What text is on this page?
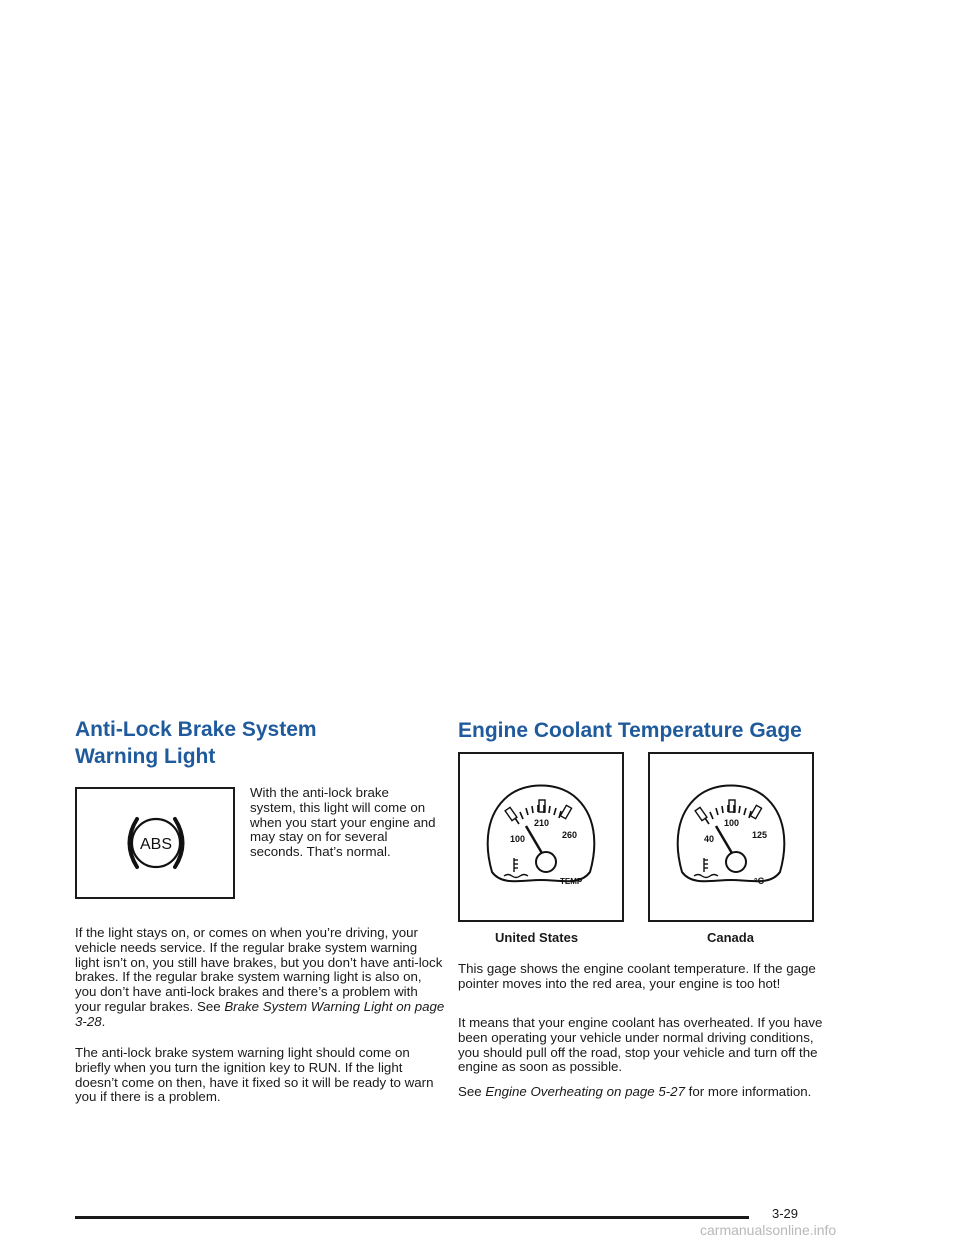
Anti-Lock Brake System
Warning Light
ABS

With the anti-lock brake system, this light will come on when you start your engine and may stay on for several seconds. That’s normal.

If the light stays on, or comes on when you’re driving, your vehicle needs service. If the regular brake system warning light isn’t on, you still have brakes, but you don’t have anti-lock brakes. If the regular brake system warning light is also on, you don’t have anti-lock brakes and there’s a problem with your regular brakes. See Brake System Warning Light on page 3-28.

The anti-lock brake system warning light should come on briefly when you turn the ignition key to RUN. If the light doesn’t come on then, have it fixed so it will be ready to warn you if there is a problem.

Engine Coolant Temperature Gage
100
210
260
TEMP
United States
40
100
125
°C
Canada

This gage shows the engine coolant temperature. If the gage pointer moves into the red area, your engine is too hot!

It means that your engine coolant has overheated. If you have been operating your vehicle under normal driving conditions, you should pull off the road, stop your vehicle and turn off the engine as soon as possible.

See Engine Overheating on page 5-27 for more information.

3-29
carmanualsonline.info
